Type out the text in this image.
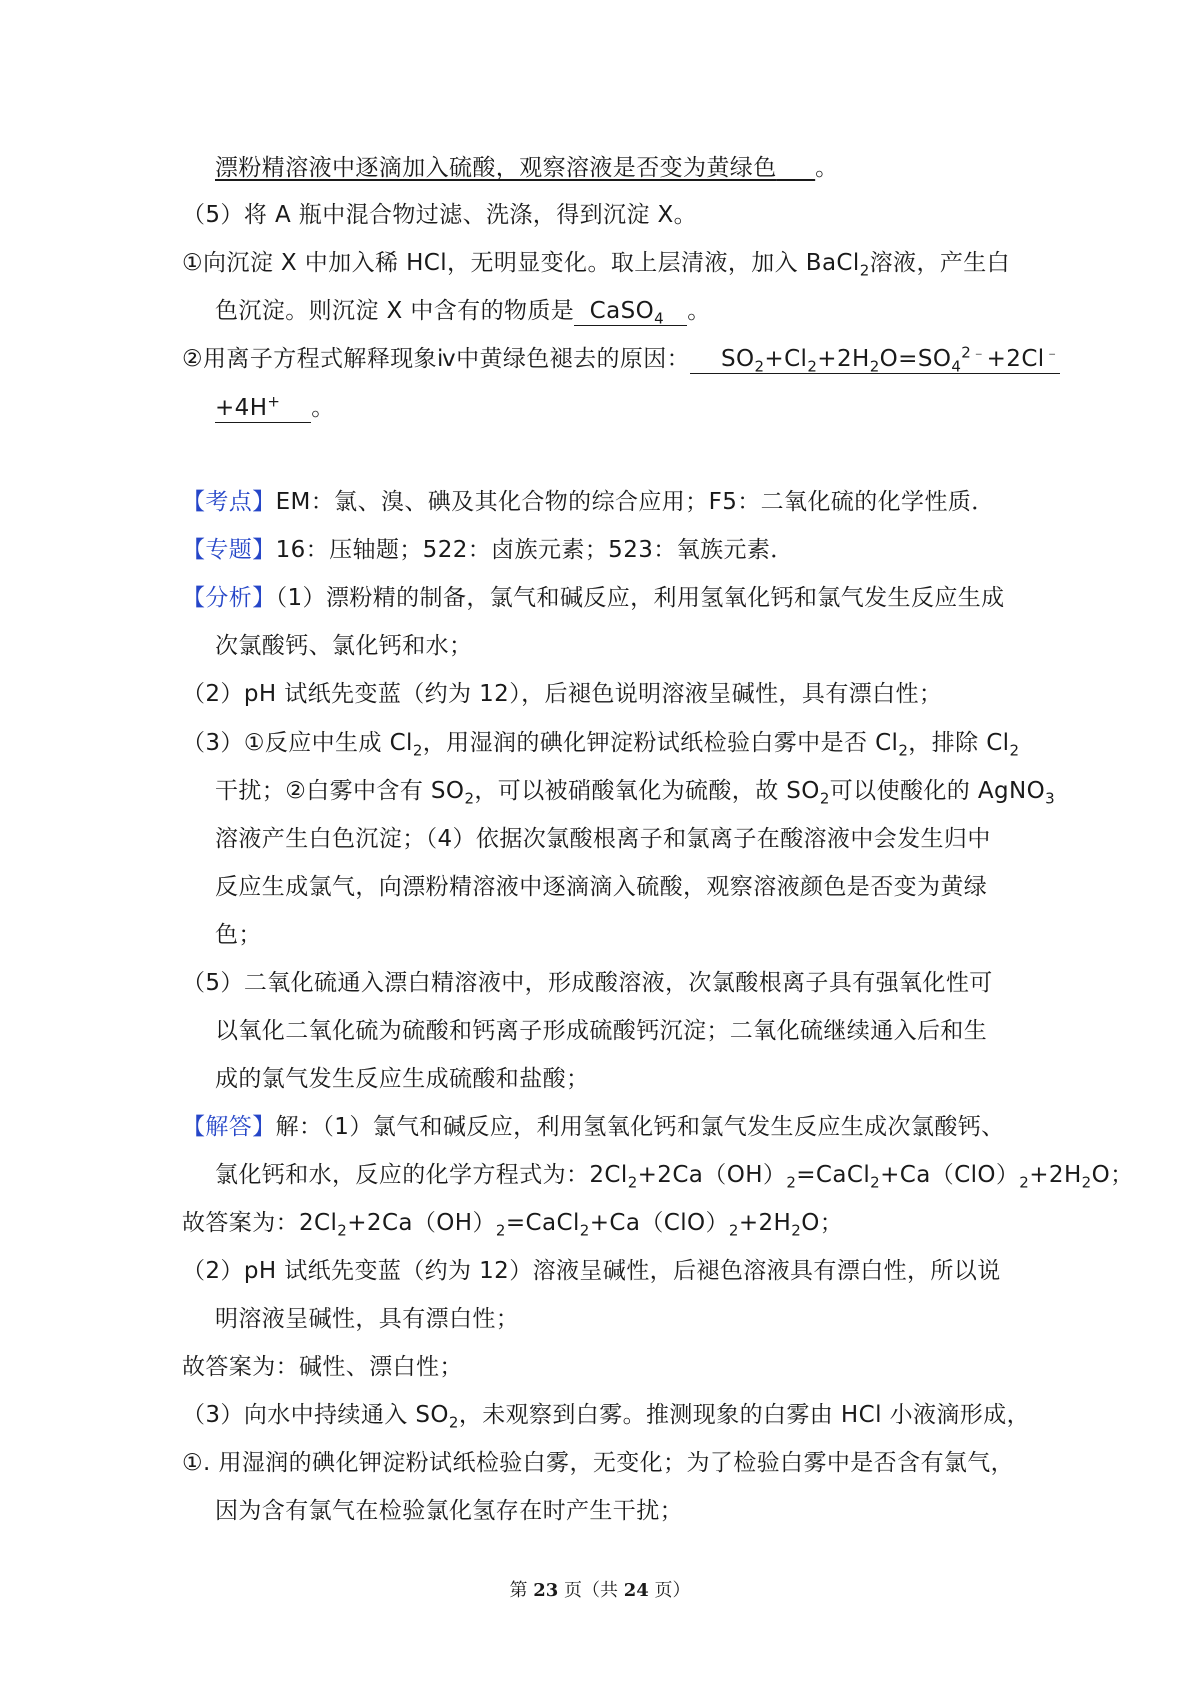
漂粉精溶液中逐滴加入硫酸，观察溶液是否变为黄绿色 。
（5）将 A 瓶中混合物过滤、洗涤，得到沉淀 X。
①向沉淀 X 中加入稀 HCl，无明显变化。取上层清液，加入 BaCl$_2$溶液，产生白
色沉淀。则沉淀 X 中含有的物质是 CaSO$_4$ 。
②用离子方程式解释现象ⅳ中黄绿色褪去的原因： $SO_2+Cl_2+2H_2O=SO_4^{2﹣}+2Cl^﹣$
+4H+ 。
【考点】EM：氯、溴、碘及其化合物的综合应用；F5：二氧化硫的化学性质．
【专题】16：压轴题；522：卤族元素；523：氧族元素．
【分析】（1）漂粉精的制备，氯气和碱反应，利用氢氧化钙和氯气发生反应生成
次氯酸钙、氯化钙和水；
（2）pH 试纸先变蓝（约为 12），后褪色说明溶液呈碱性，具有漂白性；
（3）①反应中生成 $Cl_2$，用湿润的碘化钾淀粉试纸检验白雾中是否 $Cl_2$，排除 $Cl_2$
干扰；②白雾中含有 $SO_2$，可以被硝酸氧化为硫酸，故 $SO_2$可以使酸化的 AgNO$_3$
溶液产生白色沉淀；（4）依据次氯酸根离子和氯离子在酸溶液中会发生归中
反应生成氯气，向漂粉精溶液中逐滴滴入硫酸，观察溶液颜色是否变为黄绿
色；
（5）二氧化硫通入漂白精溶液中，形成酸溶液，次氯酸根离子具有强氧化性可
以氧化二氧化硫为硫酸和钙离子形成硫酸钙沉淀；二氧化硫继续通入后和生
成的氯气发生反应生成硫酸和盐酸；
【解答】解：（1）氯气和碱反应，利用氢氧化钙和氯气发生反应生成次氯酸钙、
氯化钙和水，反应的化学方程式为：$2Cl_2+2Ca(OH)_2=CaCl_2+Ca(ClO)_2+2H_2O$；
故答案为：$2Cl_2+2Ca(OH)_2=CaCl_2+Ca(ClO)_2+2H_2O$；
（2）pH 试纸先变蓝（约为 12）溶液呈碱性，后褪色溶液具有漂白性，所以说
明溶液呈碱性，具有漂白性；
故答案为：碱性、漂白性；
（3）向水中持续通入 $SO_2$，未观察到白雾。推测现象的白雾由 HCl 小液滴形成，
①. 用湿润的碘化钾淀粉试纸检验白雾，无变化；为了检验白雾中是否含有氯气，
因为含有氯气在检验氯化氢存在时产生干扰；
第 23 页（共 24 页）
